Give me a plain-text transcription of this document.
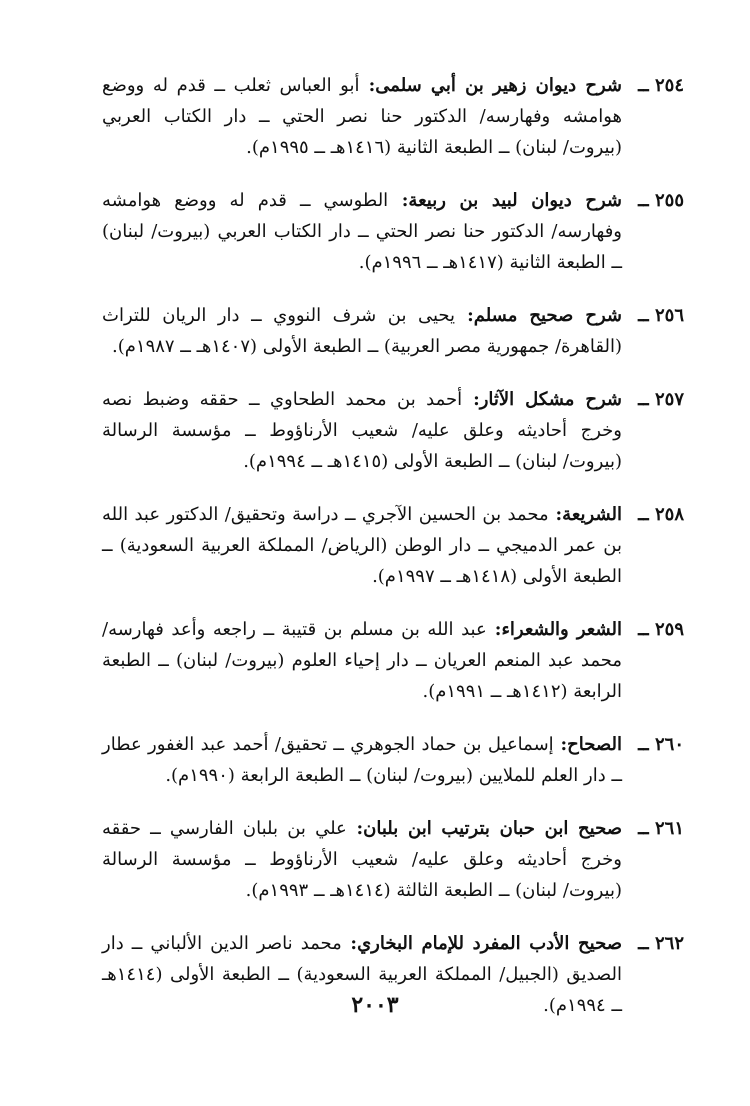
٢٥٤ ــ
شرح ديوان زهير بن أبي سلمى: أبو العباس ثعلب ــ قدم له ووضع هوامشه وفهارسه/ الدكتور حنا نصر الحتي ــ دار الكتاب العربي (بيروت/ لبنان) ــ الطبعة الثانية (١٤١٦هـ ــ ١٩٩٥م).
٢٥٥ ــ
شرح ديوان لبيد بن ربيعة: الطوسي ــ قدم له ووضع هوامشه وفهارسه/ الدكتور حنا نصر الحتي ــ دار الكتاب العربي (بيروت/ لبنان) ــ الطبعة الثانية (١٤١٧هـ ــ ١٩٩٦م).
٢٥٦ ــ
شرح صحيح مسلم: يحيى بن شرف النووي ــ دار الريان للتراث (القاهرة/ جمهورية مصر العربية) ــ الطبعة الأولى (١٤٠٧هـ ــ ١٩٨٧م).
٢٥٧ ــ
شرح مشكل الآثار: أحمد بن محمد الطحاوي ــ حققه وضبط نصه وخرج أحاديثه وعلق عليه/ شعيب الأرناؤوط ــ مؤسسة الرسالة (بيروت/ لبنان) ــ الطبعة الأولى (١٤١٥هـ ــ ١٩٩٤م).
٢٥٨ ــ
الشريعة: محمد بن الحسين الآجري ــ دراسة وتحقيق/ الدكتور عبد الله بن عمر الدميجي ــ دار الوطن (الرياض/ المملكة العربية السعودية) ــ الطبعة الأولى (١٤١٨هـ ــ ١٩٩٧م).
٢٥٩ ــ
الشعر والشعراء: عبد الله بن مسلم بن قتيبة ــ راجعه وأعد فهارسه/ محمد عبد المنعم العريان ــ دار إحياء العلوم (بيروت/ لبنان) ــ الطبعة الرابعة (١٤١٢هـ ــ ١٩٩١م).
٢٦٠ ــ
الصحاح: إسماعيل بن حماد الجوهري ــ تحقيق/ أحمد عبد الغفور عطار ــ دار العلم للملايين (بيروت/ لبنان) ــ الطبعة الرابعة (١٩٩٠م).
٢٦١ ــ
صحيح ابن حبان بترتيب ابن بلبان: علي بن بلبان الفارسي ــ حققه وخرج أحاديثه وعلق عليه/ شعيب الأرناؤوط ــ مؤسسة الرسالة (بيروت/ لبنان) ــ الطبعة الثالثة (١٤١٤هـ ــ ١٩٩٣م).
٢٦٢ ــ
صحيح الأدب المفرد للإمام البخاري: محمد ناصر الدين الألباني ــ دار الصديق (الجبيل/ المملكة العربية السعودية) ــ الطبعة الأولى (١٤١٤هـ ــ ١٩٩٤م).
٢٠٠٣
